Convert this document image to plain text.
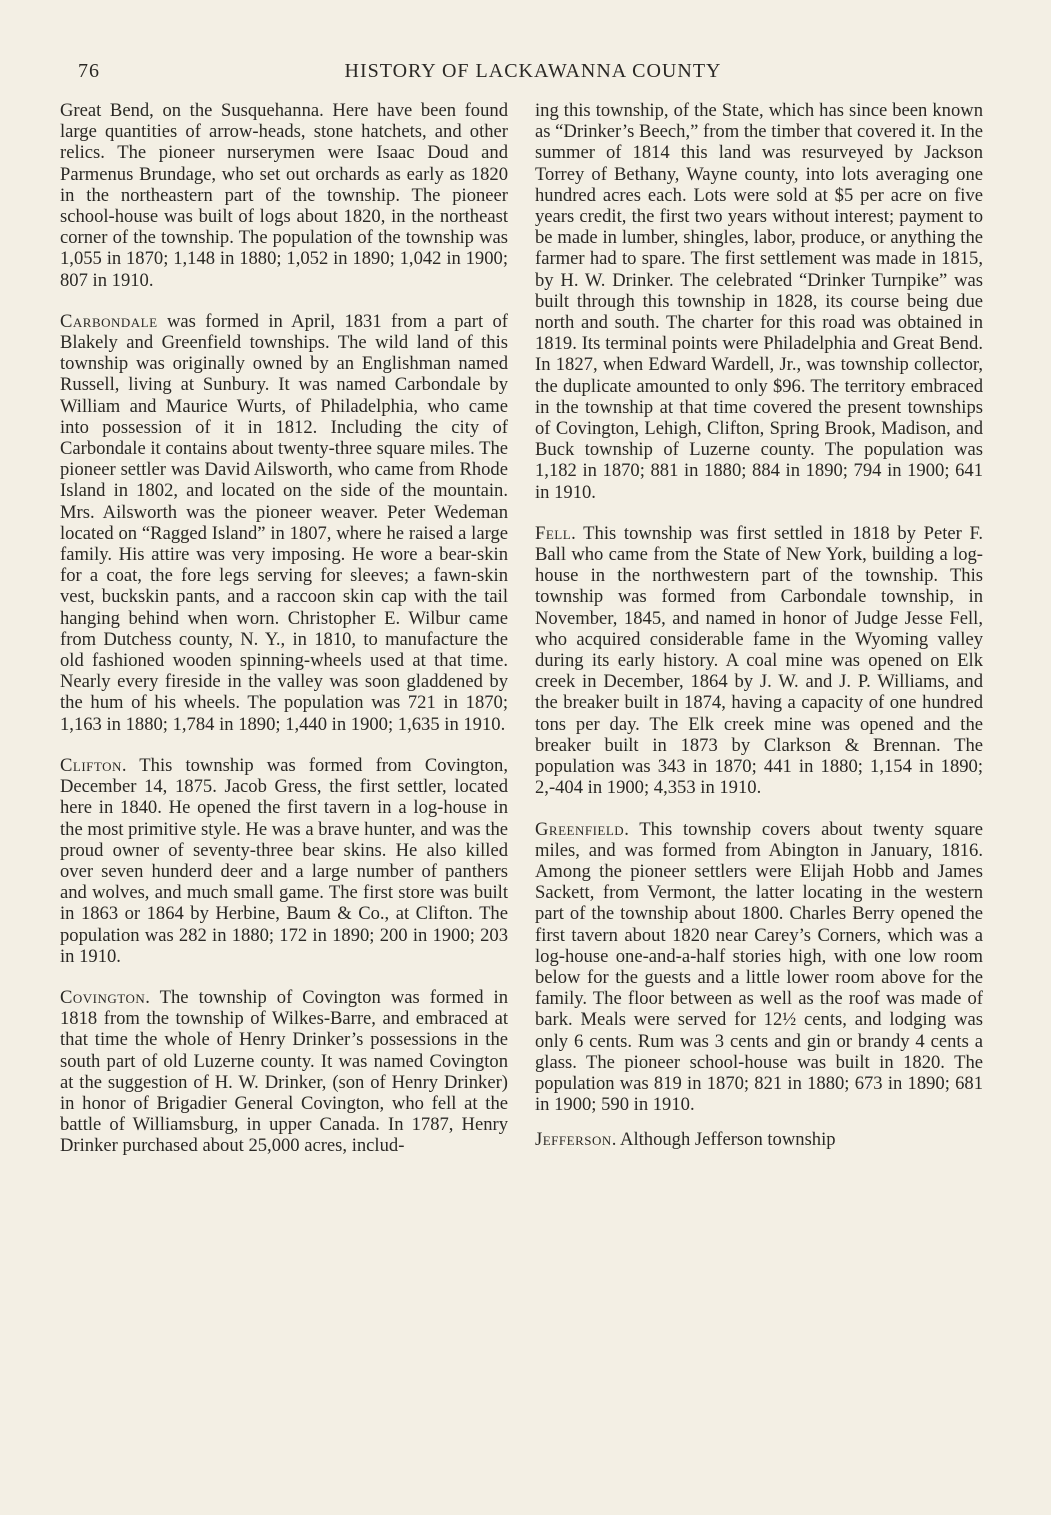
76	HISTORY OF LACKAWANNA COUNTY

Great Bend, on the Susquehanna. Here have been found large quantities of arrow-heads, stone hatchets, and other relics. The pioneer nurserymen were Isaac Doud and Parmenus Brundage, who set out orchards as early as 1820 in the northeastern part of the township. The pioneer school-house was built of logs about 1820, in the northeast corner of the township. The population of the township was 1,055 in 1870; 1,148 in 1880; 1,052 in 1890; 1,042 in 1900; 807 in 1910.

Carbondale was formed in April, 1831 from a part of Blakely and Greenfield townships. The wild land of this township was originally owned by an Englishman named Russell, living at Sunbury. It was named Carbondale by William and Maurice Wurts, of Philadelphia, who came into possession of it in 1812. Including the city of Carbondale it contains about twenty-three square miles. The pioneer settler was David Ailsworth, who came from Rhode Island in 1802, and located on the side of the mountain. Mrs. Ailsworth was the pioneer weaver. Peter Wedeman located on “Ragged Island” in 1807, where he raised a large family. His attire was very imposing. He wore a bear-skin for a coat, the fore legs serving for sleeves; a fawn-skin vest, buckskin pants, and a raccoon skin cap with the tail hanging behind when worn. Christopher E. Wilbur came from Dutchess county, N. Y., in 1810, to manufacture the old fashioned wooden spinning-wheels used at that time. Nearly every fireside in the valley was soon gladdened by the hum of his wheels. The population was 721 in 1870; 1,163 in 1880; 1,784 in 1890; 1,440 in 1900; 1,635 in 1910.

Clifton. This township was formed from Covington, December 14, 1875. Jacob Gress, the first settler, located here in 1840. He opened the first tavern in a log-house in the most primitive style. He was a brave hunter, and was the proud owner of seventy-three bear skins. He also killed over seven hunderd deer and a large number of panthers and wolves, and much small game. The first store was built in 1863 or 1864 by Herbine, Baum & Co., at Clifton. The population was 282 in 1880; 172 in 1890; 200 in 1900; 203 in 1910.

Covington. The township of Covington was formed in 1818 from the township of Wilkes-Barre, and embraced at that time the whole of Henry Drinker’s possessions in the south part of old Luzerne county. It was named Covington at the suggestion of H. W. Drinker, (son of Henry Drinker) in honor of Brigadier General Covington, who fell at the battle of Williamsburg, in upper Canada. In 1787, Henry Drinker purchased about 25,000 acres, includ-

ing this township, of the State, which has since been known as “Drinker’s Beech,” from the timber that covered it. In the summer of 1814 this land was resurveyed by Jackson Torrey of Bethany, Wayne county, into lots averaging one hundred acres each. Lots were sold at $5 per acre on five years credit, the first two years without interest; payment to be made in lumber, shingles, labor, produce, or anything the farmer had to spare. The first settlement was made in 1815, by H. W. Drinker. The celebrated “Drinker Turnpike” was built through this township in 1828, its course being due north and south. The charter for this road was obtained in 1819. Its terminal points were Philadelphia and Great Bend. In 1827, when Edward Wardell, Jr., was township collector, the duplicate amounted to only $96. The territory embraced in the township at that time covered the present townships of Covington, Lehigh, Clifton, Spring Brook, Madison, and Buck township of Luzerne county. The population was 1,182 in 1870; 881 in 1880; 884 in 1890; 794 in 1900; 641 in 1910.

Fell. This township was first settled in 1818 by Peter F. Ball who came from the State of New York, building a log-house in the northwestern part of the township. This township was formed from Carbondale township, in November, 1845, and named in honor of Judge Jesse Fell, who acquired considerable fame in the Wyoming valley during its early history. A coal mine was opened on Elk creek in December, 1864 by J. W. and J. P. Williams, and the breaker built in 1874, having a capacity of one hundred tons per day. The Elk creek mine was opened and the breaker built in 1873 by Clarkson & Brennan. The population was 343 in 1870; 441 in 1880; 1,154 in 1890; 2,-404 in 1900; 4,353 in 1910.

Greenfield. This township covers about twenty square miles, and was formed from Abington in January, 1816. Among the pioneer settlers were Elijah Hobb and James Sackett, from Vermont, the latter locating in the western part of the township about 1800. Charles Berry opened the first tavern about 1820 near Carey’s Corners, which was a log-house one-and-a-half stories high, with one low room below for the guests and a little lower room above for the family. The floor between as well as the roof was made of bark. Meals were served for 12½ cents, and lodging was only 6 cents. Rum was 3 cents and gin or brandy 4 cents a glass. The pioneer school-house was built in 1820. The population was 819 in 1870; 821 in 1880; 673 in 1890; 681 in 1900; 590 in 1910.

Jefferson. Although Jefferson township
